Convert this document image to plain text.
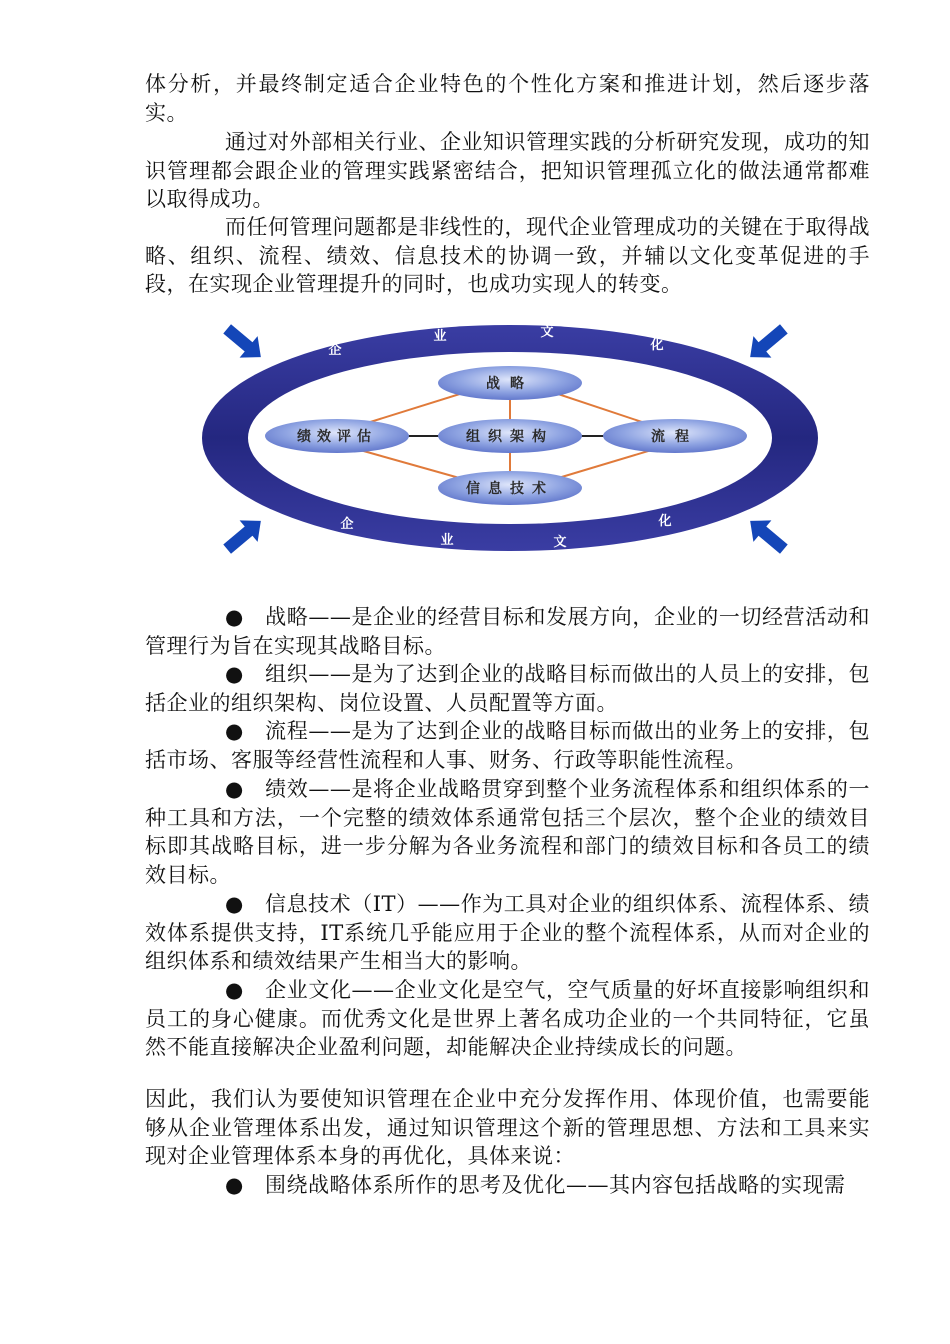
体分析，并最终制定适合企业特色的个性化方案和推进计划，然后逐步落实。

通过对外部相关行业、企业知识管理实践的分析研究发现，成功的知识管理都会跟企业的管理实践紧密结合，把知识管理孤立化的做法通常都难以取得成功。

而任何管理问题都是非线性的，现代企业管理成功的关键在于取得战略、组织、流程、绩效、信息技术的协调一致，并辅以文化变革促进的手段，在实现企业管理提升的同时，也成功实现人的转变。

战略
绩效评估	组织架构	流程
信息技术
企
业	文
化
企
业	文
化

● 战略——是企业的经营目标和发展方向，企业的一切经营活动和管理行为旨在实现其战略目标。

● 组织——是为了达到企业的战略目标而做出的人员上的安排，包括企业的组织架构、岗位设置、人员配置等方面。

● 流程——是为了达到企业的战略目标而做出的业务上的安排，包括市场、客服等经营性流程和人事、财务、行政等职能性流程。

● 绩效——是将企业战略贯穿到整个业务流程体系和组织体系的一种工具和方法，一个完整的绩效体系通常包括三个层次，整个企业的绩效目标即其战略目标，进一步分解为各业务流程和部门的绩效目标和各员工的绩效目标。

● 信息技术（IT）——作为工具对企业的组织体系、流程体系、绩效体系提供支持，IT系统几乎能应用于企业的整个流程体系，从而对企业的组织体系和绩效结果产生相当大的影响。

● 企业文化——企业文化是空气，空气质量的好坏直接影响组织和员工的身心健康。而优秀文化是世界上著名成功企业的一个共同特征，它虽然不能直接解决企业盈利问题，却能解决企业持续成长的问题。

因此，我们认为要使知识管理在企业中充分发挥作用、体现价值，也需要能够从企业管理体系出发，通过知识管理这个新的管理思想、方法和工具来实现对企业管理体系本身的再优化，具体来说：

● 围绕战略体系所作的思考及优化——其内容包括战略的实现需
